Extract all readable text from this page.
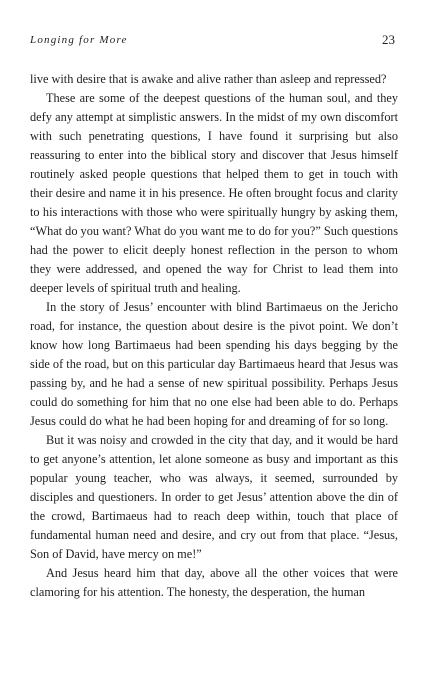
Longing for More	23

live with desire that is awake and alive rather than asleep and repressed?

These are some of the deepest questions of the human soul, and they defy any attempt at simplistic answers. In the midst of my own discomfort with such penetrating questions, I have found it surprising but also reassuring to enter into the biblical story and discover that Jesus himself routinely asked people questions that helped them to get in touch with their desire and name it in his presence. He often brought focus and clarity to his interactions with those who were spiritually hungry by asking them, “What do you want? What do you want me to do for you?” Such questions had the power to elicit deeply honest reflection in the person to whom they were addressed, and opened the way for Christ to lead them into deeper levels of spiritual truth and healing.

In the story of Jesus’ encounter with blind Bartimaeus on the Jericho road, for instance, the question about desire is the pivot point. We don’t know how long Bartimaeus had been spending his days begging by the side of the road, but on this particular day Bartimaeus heard that Jesus was passing by, and he had a sense of new spiritual possibility. Perhaps Jesus could do something for him that no one else had been able to do. Perhaps Jesus could do what he had been hoping for and dreaming of for so long.

But it was noisy and crowded in the city that day, and it would be hard to get anyone’s attention, let alone someone as busy and important as this popular young teacher, who was always, it seemed, surrounded by disciples and questioners. In order to get Jesus’ attention above the din of the crowd, Bartimaeus had to reach deep within, touch that place of fundamental human need and desire, and cry out from that place. “Jesus, Son of David, have mercy on me!”

And Jesus heard him that day, above all the other voices that were clamoring for his attention. The honesty, the desperation, the human
